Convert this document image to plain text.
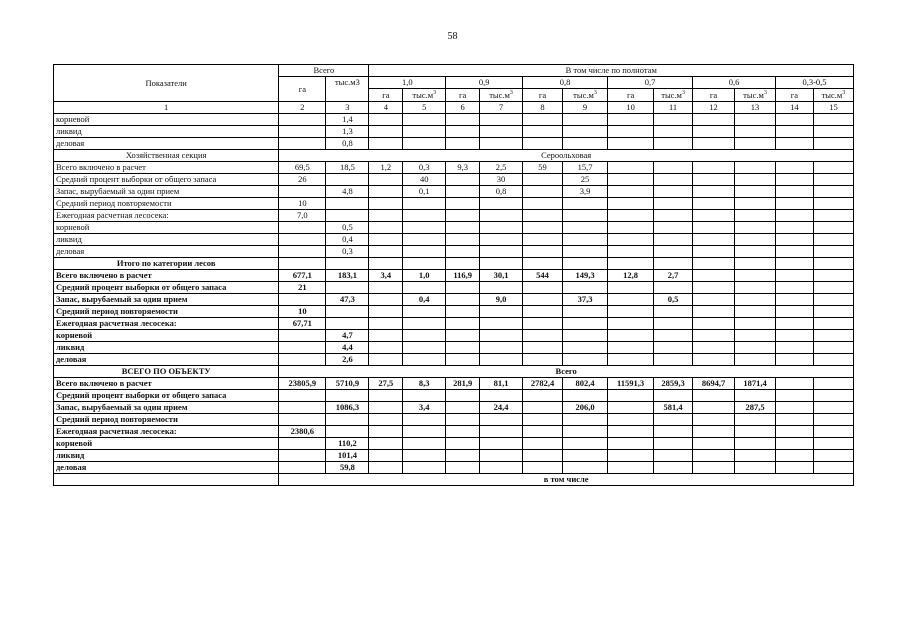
58
Показатели	Всего		В том числе по полнотам											
	га	тыс.м3	1,0		0,9		0,8		0,7		0,6		0,3-0,5	
			га	$тыс.м^3$	га	$тыс.м^3$	га	$тыс.м^3$	га	$тыс.м^3$	га	$тыс.м^3$	га	$тыс.м^3$
1	2	3	4	5	6	7	8	9	10	11	12	13	14	15
корневой		1,4												
ликвид		1,3												
деловая		0,8												
Хозяйственная секция	Сероольховая													
Всего включено в расчет	69,5	18,5	1,2	0,3	9,3	2,5	59	15,7						
Средний процент выборки от общего запаса	26			40		30		25						
Запас, вырубаемый за один прием		4,8		0,1		0,8		3,9						
Средний период повторяемости	10													
Ежегодная расчетная лесосека:	7,0													
корневой		0,5												
ликвид		0,4												
деловая		0,3												
Итого по категории лесов														
Всего включено в расчет	677,1	183,1	3,4	1,0	116,9	30,1	544	149,3	12,8	2,7				
Средний процент выборки от общего запаса	21													
Запас, вырубаемый за один прием		47,3		0,4		9,0		37,3		0,5				
Средний период повторяемости	10													
Ежегодная расчетная лесосека:	67,71													
корневой		4,7												
ликвид		4,4												
деловая		2,6												
ВСЕГО ПО ОБЪЕКТУ	Всего													
Всего включено в расчет	23805,9	5710,9	27,5	8,3	281,9	81,1	2782,4	802,4	11591,3	2859,3	8694,7	1871,4		
Средний процент выборки от общего запаса														
Запас, вырубаемый за один прием		1086,3		3,4		24,4		206,0		581,4		287,5		
Средний период повторяемости														
Ежегодная расчетная лесосека:	2380,6													
корневой		110,2												
ликвид		101,4												
деловая		59,8												
	в том числе													
